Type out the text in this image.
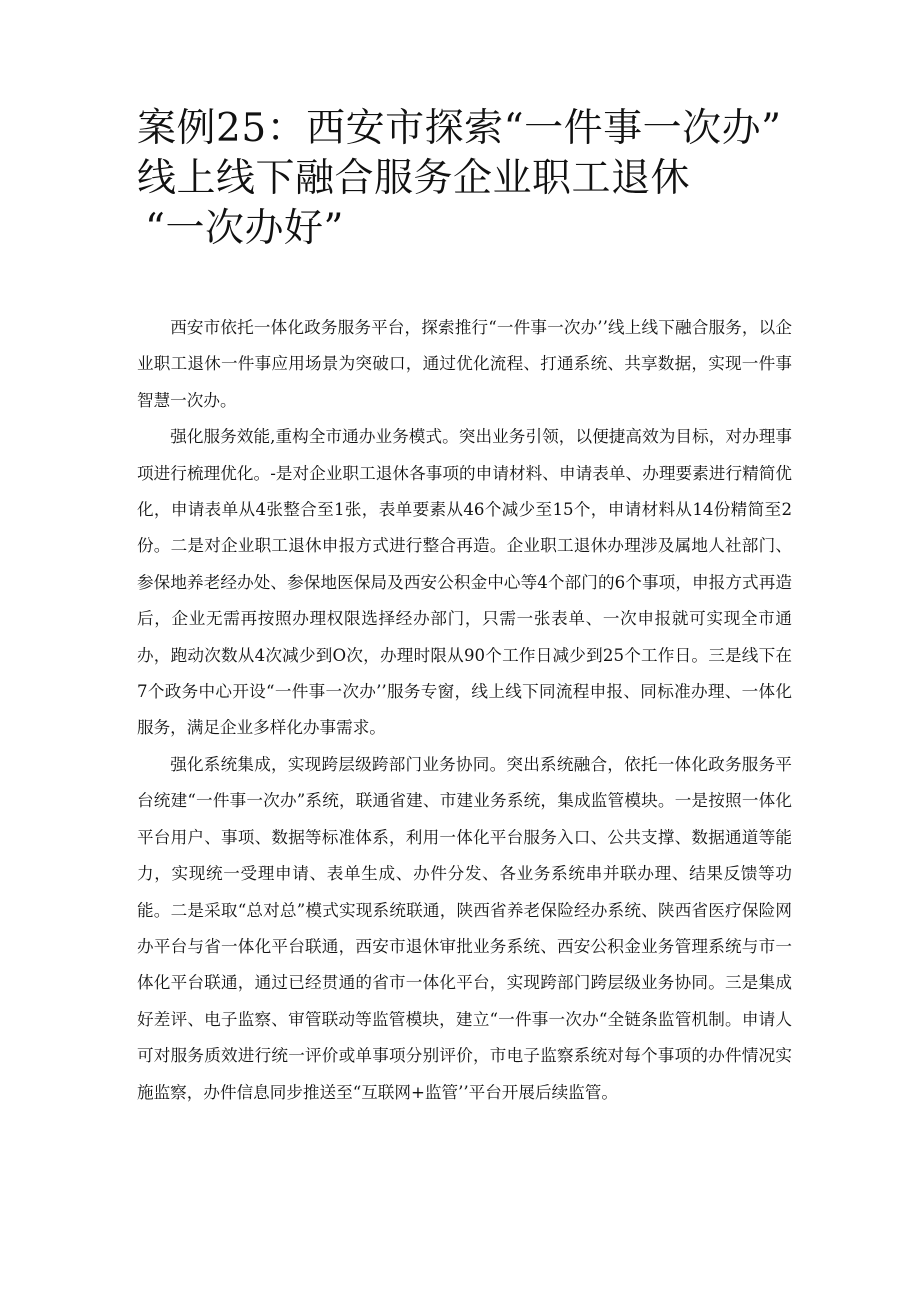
案例25：西安市探索“一件事一次办”
线上线下融合服务企业职工退休
“一次办好”

西安市依托一体化政务服务平台，探索推行“一件事一次办’’线上线下融合服务，以企业职工退休一件事应用场景为突破口，通过优化流程、打通系统、共享数据，实现一件事智慧一次办。

强化服务效能,重构全市通办业务模式。突出业务引领，以便捷高效为目标，对办理事项进行梳理优化。-是对企业职工退休各事项的申请材料、申请表单、办理要素进行精简优化，申请表单从4张整合至1张，表单要素从46个减少至15个，申请材料从14份精简至2份。二是对企业职工退休申报方式进行整合再造。企业职工退休办理涉及属地人社部门、参保地养老经办处、参保地医保局及西安公积金中心等4个部门的6个事项，申报方式再造后，企业无需再按照办理权限选择经办部门，只需一张表单、一次申报就可实现全市通办，跑动次数从4次减少到O次，办理时限从90个工作日减少到25个工作日。三是线下在7个政务中心开设“一件事一次办’’服务专窗，线上线下同流程申报、同标准办理、一体化服务，满足企业多样化办事需求。

强化系统集成，实现跨层级跨部门业务协同。突出系统融合，依托一体化政务服务平台统建“一件事一次办”系统，联通省建、市建业务系统，集成监管模块。一是按照一体化平台用户、事项、数据等标准体系，利用一体化平台服务入口、公共支撑、数据通道等能力，实现统一受理申请、表单生成、办件分发、各业务系统串并联办理、结果反馈等功能。二是采取“总对总”模式实现系统联通，陕西省养老保险经办系统、陕西省医疗保险网办平台与省一体化平台联通，西安市退休审批业务系统、西安公积金业务管理系统与市一体化平台联通，通过已经贯通的省市一体化平台，实现跨部门跨层级业务协同。三是集成好差评、电子监察、审管联动等监管模块，建立“一件事一次办“全链条监管机制。申请人可对服务质效进行统一评价或单事项分别评价，市电子监察系统对每个事项的办件情况实施监察，办件信息同步推送至“互联网+监管’’平台开展后续监管。
